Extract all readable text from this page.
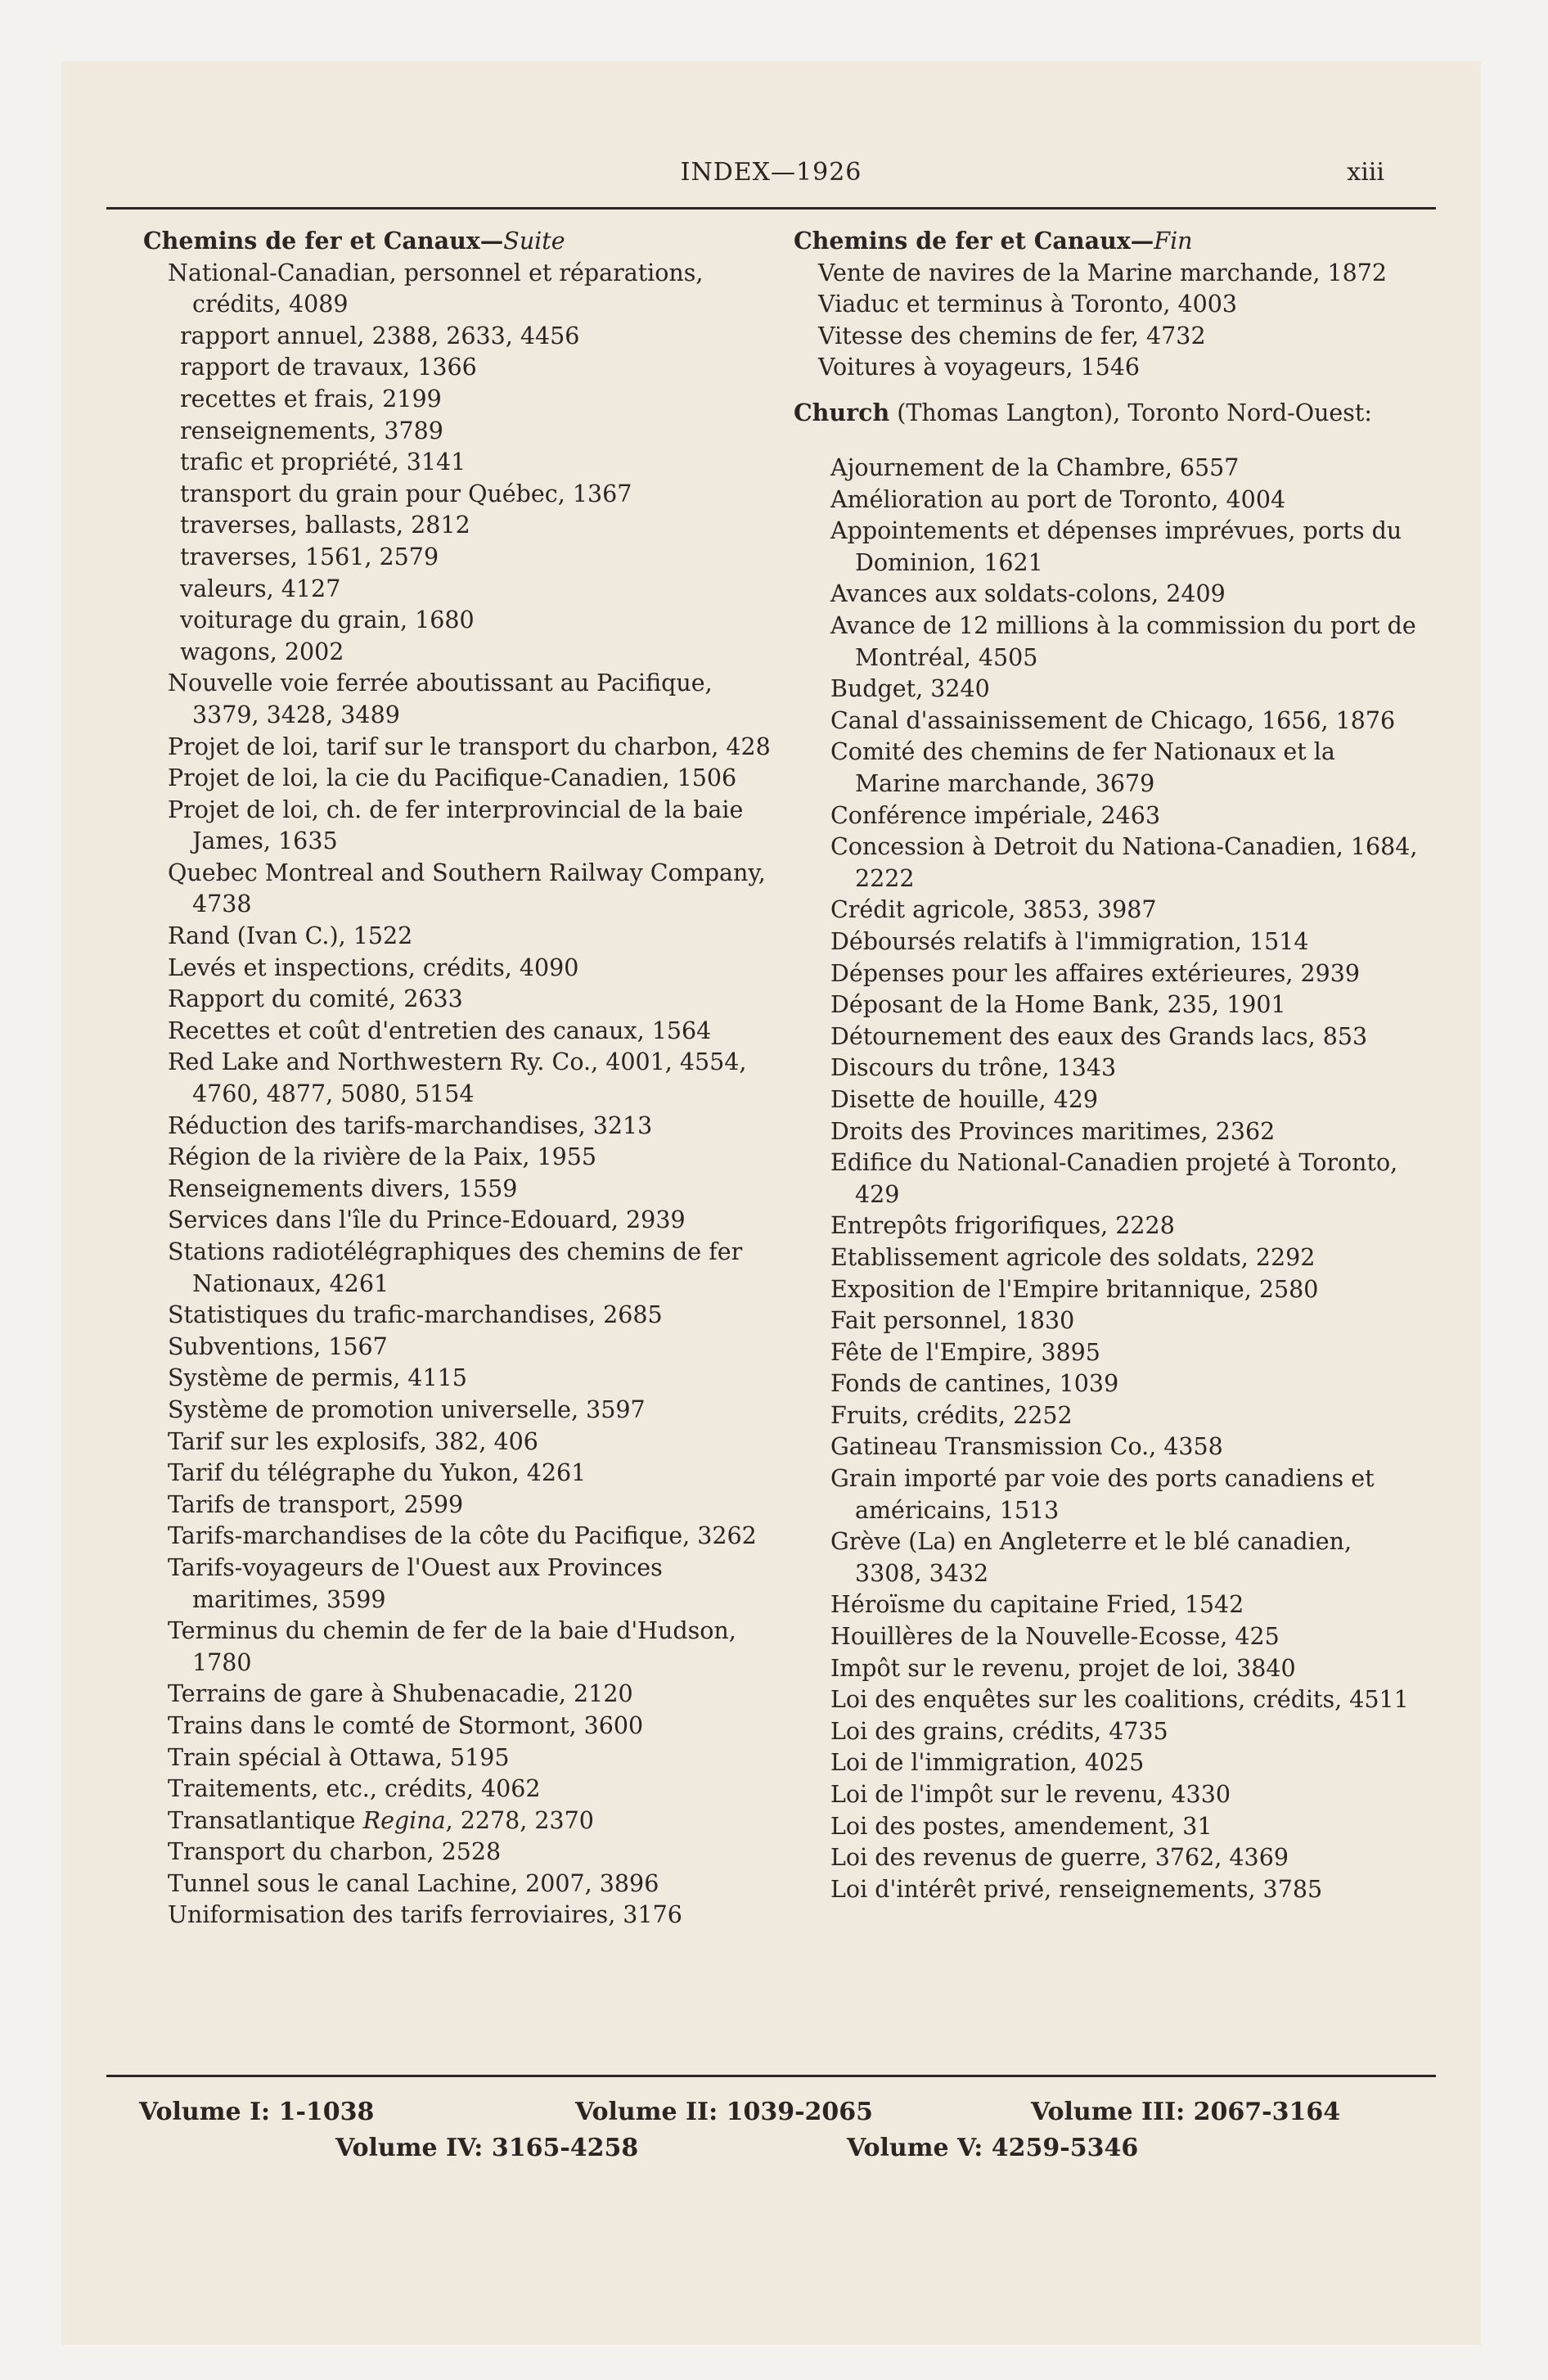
INDEX—1926	xiii

Chemins de fer et Canaux—Suite

National-Canadian, personnel et réparations, crédits, 4089

rapport annuel, 2388, 2633, 4456

rapport de travaux, 1366

recettes et frais, 2199

renseignements, 3789

trafic et propriété, 3141

transport du grain pour Québec, 1367

traverses, ballasts, 2812

traverses, 1561, 2579

valeurs, 4127

voiturage du grain, 1680

wagons, 2002

Nouvelle voie ferrée aboutissant au Pacifique, 3379, 3428, 3489

Projet de loi, tarif sur le transport du charbon, 428

Projet de loi, la cie du Pacifique-Canadien, 1506

Projet de loi, ch. de fer interprovincial de la baie James, 1635

Quebec Montreal and Southern Railway Company, 4738

Rand (Ivan C.), 1522

Levés et inspections, crédits, 4090

Rapport du comité, 2633

Recettes et coût d'entretien des canaux, 1564

Red Lake and Northwestern Ry. Co., 4001, 4554, 4760, 4877, 5080, 5154

Réduction des tarifs-marchandises, 3213

Région de la rivière de la Paix, 1955

Renseignements divers, 1559

Services dans l'île du Prince-Edouard, 2939

Stations radiotélégraphiques des chemins de fer Nationaux, 4261

Statistiques du trafic-marchandises, 2685

Subventions, 1567

Système de permis, 4115

Système de promotion universelle, 3597

Tarif sur les explosifs, 382, 406

Tarif du télégraphe du Yukon, 4261

Tarifs de transport, 2599

Tarifs-marchandises de la côte du Pacifique, 3262

Tarifs-voyageurs de l'Ouest aux Provinces maritimes, 3599

Terminus du chemin de fer de la baie d'Hudson, 1780

Terrains de gare à Shubenacadie, 2120

Trains dans le comté de Stormont, 3600

Train spécial à Ottawa, 5195

Traitements, etc., crédits, 4062

Transatlantique Regina, 2278, 2370

Transport du charbon, 2528

Tunnel sous le canal Lachine, 2007, 3896

Uniformisation des tarifs ferroviaires, 3176

Chemins de fer et Canaux—Fin

Vente de navires de la Marine marchande, 1872

Viaduc et terminus à Toronto, 4003

Vitesse des chemins de fer, 4732

Voitures à voyageurs, 1546

Church (Thomas Langton), Toronto Nord-Ouest:

Ajournement de la Chambre, 6557

Amélioration au port de Toronto, 4004

Appointements et dépenses imprévues, ports du Dominion, 1621

Avances aux soldats-colons, 2409

Avance de 12 millions à la commission du port de Montréal, 4505

Budget, 3240

Canal d'assainissement de Chicago, 1656, 1876

Comité des chemins de fer Nationaux et la Marine marchande, 3679

Conférence impériale, 2463

Concession à Detroit du Nationa-Canadien, 1684, 2222

Crédit agricole, 3853, 3987

Déboursés relatifs à l'immigration, 1514

Dépenses pour les affaires extérieures, 2939

Déposant de la Home Bank, 235, 1901

Détournement des eaux des Grands lacs, 853

Discours du trône, 1343

Disette de houille, 429

Droits des Provinces maritimes, 2362

Edifice du National-Canadien projeté à Toronto, 429

Entrepôts frigorifiques, 2228

Etablissement agricole des soldats, 2292

Exposition de l'Empire britannique, 2580

Fait personnel, 1830

Fête de l'Empire, 3895

Fonds de cantines, 1039

Fruits, crédits, 2252

Gatineau Transmission Co., 4358

Grain importé par voie des ports canadiens et américains, 1513

Grève (La) en Angleterre et le blé canadien, 3308, 3432

Héroïsme du capitaine Fried, 1542

Houillères de la Nouvelle-Ecosse, 425

Impôt sur le revenu, projet de loi, 3840

Loi des enquêtes sur les coalitions, crédits, 4511

Loi des grains, crédits, 4735

Loi de l'immigration, 4025

Loi de l'impôt sur le revenu, 4330

Loi des postes, amendement, 31

Loi des revenus de guerre, 3762, 4369

Loi d'intérêt privé, renseignements, 3785

Volume I: 1-1038	Volume II: 1039-2065	Volume III: 2067-3164
Volume IV: 3165-4258	Volume V: 4259-5346
